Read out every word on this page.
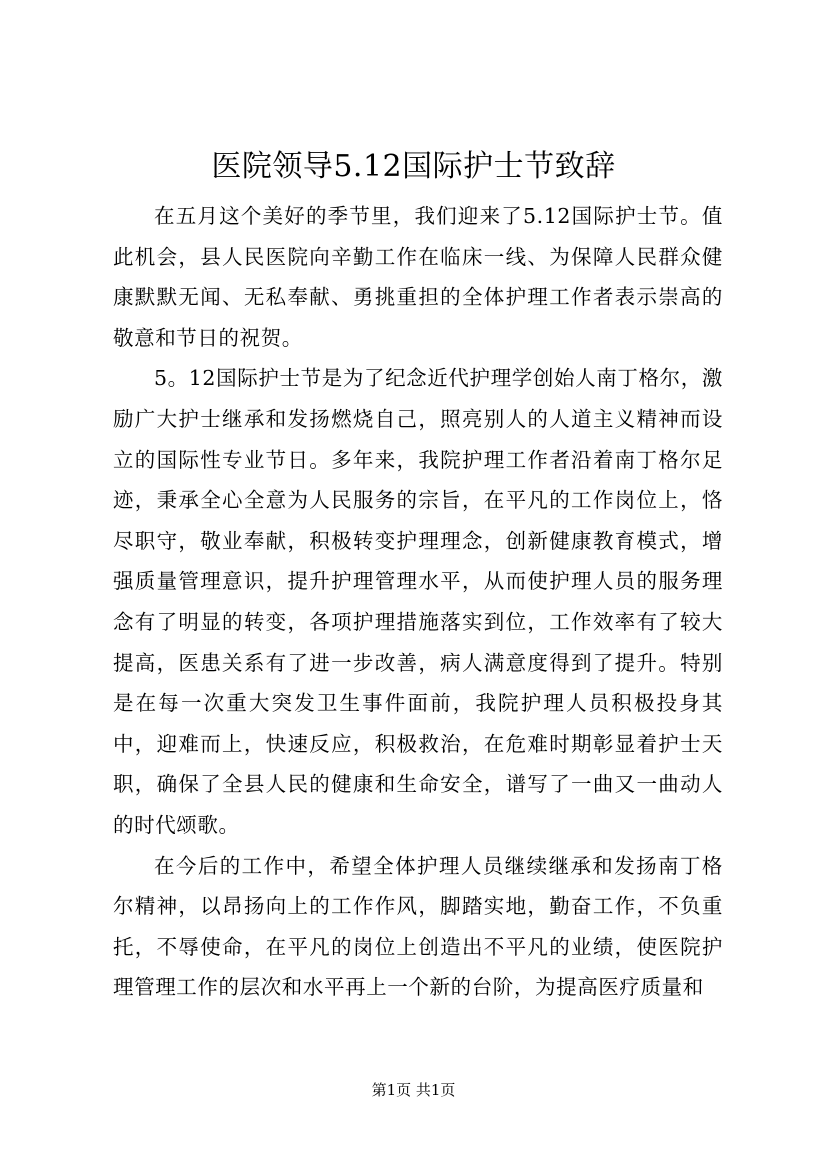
医院领导5.12国际护士节致辞

在五月这个美好的季节里，我们迎来了5.12国际护士节。值此机会，县人民医院向辛勤工作在临床一线、为保障人民群众健康默默无闻、无私奉献、勇挑重担的全体护理工作者表示崇高的敬意和节日的祝贺。

5。12国际护士节是为了纪念近代护理学创始人南丁格尔，激励广大护士继承和发扬燃烧自己，照亮别人的人道主义精神而设立的国际性专业节日。多年来，我院护理工作者沿着南丁格尔足迹，秉承全心全意为人民服务的宗旨，在平凡的工作岗位上，恪尽职守，敬业奉献，积极转变护理理念，创新健康教育模式，增强质量管理意识，提升护理管理水平，从而使护理人员的服务理念有了明显的转变，各项护理措施落实到位，工作效率有了较大提高，医患关系有了进一步改善，病人满意度得到了提升。特别是在每一次重大突发卫生事件面前，我院护理人员积极投身其中，迎难而上，快速反应，积极救治，在危难时期彰显着护士天职，确保了全县人民的健康和生命安全，谱写了一曲又一曲动人的时代颂歌。

在今后的工作中，希望全体护理人员继续继承和发扬南丁格尔精神，以昂扬向上的工作作风，脚踏实地，勤奋工作，不负重托，不辱使命，在平凡的岗位上创造出不平凡的业绩，使医院护理管理工作的层次和水平再上一个新的台阶，为提高医疗质量和

第1页 共1页
